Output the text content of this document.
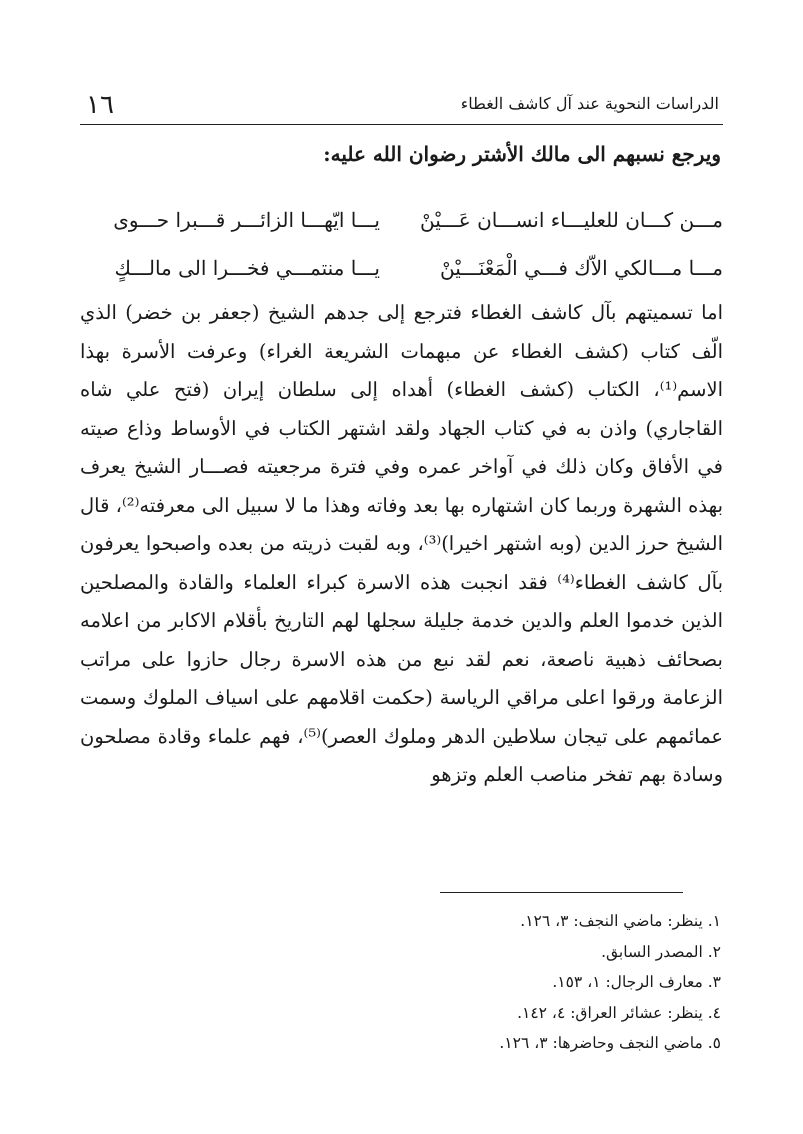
١٦	الدراسات النحوية عند آل كاشف الغطاء
ويرجع نسبهم الى مالك الأشتر رضوان الله عليه:
يـــا ايّهـــا الزائـــر قـــبرا حـــوى	مـــن كـــان للعليـــاء انســـان عَـــيْنْ
يـــا منتمـــي فخـــرا الى مالـــكٍ	مـــا مـــالكي الاّك فـــي الْمَعْنَـــيْنْ

اما تسميتهم بآل كاشف الغطاء فترجع إلى جدهم الشيخ (جعفر بن خضر) الذي الّف كتاب (كشف الغطاء عن مبهمات الشريعة الغراء) وعرفت الأسرة بهذا الاسم⁽¹⁾، الكتاب (كشف الغطاء) أهداه إلى سلطان إيران (فتح علي شاه القاجاري) واذن به في كتاب الجهاد ولقد اشتهر الكتاب في الأوساط وذاع صيته في الأفاق وكان ذلك في آواخر عمره وفي فترة مرجعيته فصـــار الشيخ يعرف بهذه الشهرة وربما كان اشتهاره بها بعد وفاته وهذا ما لا سبيل الى معرفته⁽²⁾، قال الشيخ حرز الدين (وبه اشتهر اخيرا)⁽³⁾، وبه لقبت ذريته من بعده واصبحوا يعرفون بآل كاشف الغطاء⁽⁴⁾ فقد انجبت هذه الاسرة كبراء العلماء والقادة والمصلحين الذين خدموا العلم والدين خدمة جليلة سجلها لهم التاريخ بأقلام الاكابر من اعلامه بصحائف ذهبية ناصعة، نعم لقد نبع من هذه الاسرة رجال حازوا على مراتب الزعامة ورقوا اعلى مراقي الرياسة (حكمت اقلامهم على اسياف الملوك وسمت عمائمهم على تيجان سلاطين الدهر وملوك العصر)⁽⁵⁾، فهم علماء وقادة مصلحون وسادة بهم تفخر مناصب العلم وتزهو

١. ينظر: ماضي النجف: ٣، ١٢٦.
٢. المصدر السابق.
٣. معارف الرجال: ١، ١٥٣.
٤. ينظر: عشائر العراق: ٤، ١٤٢.
٥. ماضي النجف وحاضرها: ٣، ١٢٦.
